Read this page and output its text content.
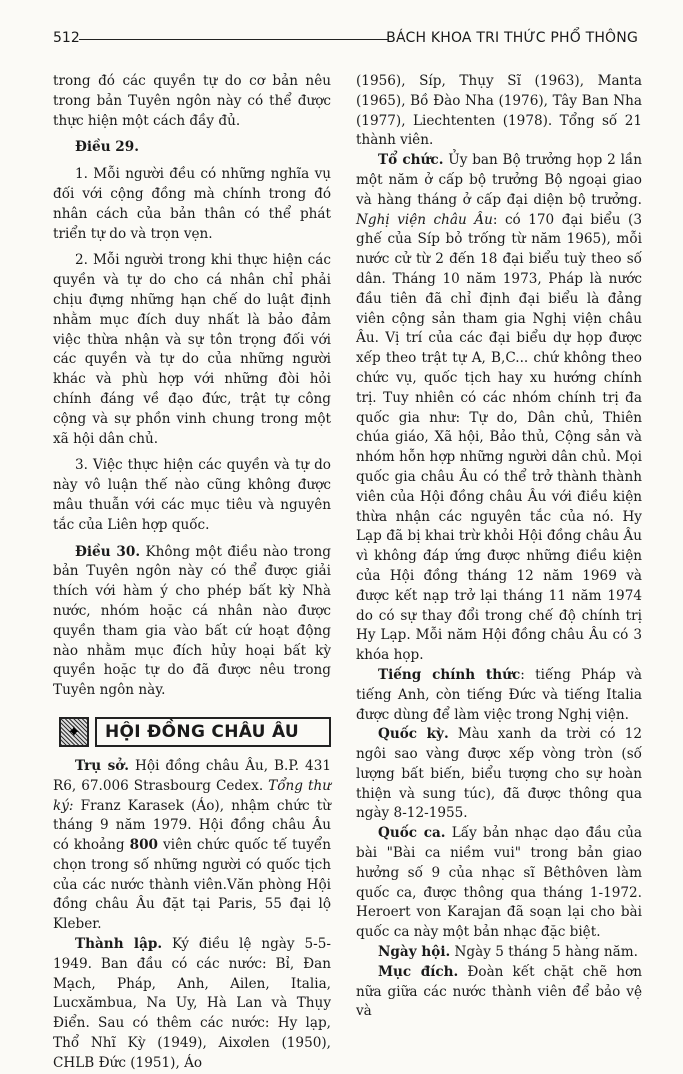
512	BÁCH KHOA TRI THỨC PHỔ THÔNG

trong đó các quyền tự do cơ bản nêu trong bản Tuyên ngôn này có thể được thực hiện một cách đầy đủ.

Điều 29.

1. Mỗi người đều có những nghĩa vụ đối với cộng đồng mà chính trong đó nhân cách của bản thân có thể phát triển tự do và trọn vẹn.

2. Mỗi người trong khi thực hiện các quyền và tự do cho cá nhân chỉ phải chịu đựng những hạn chế do luật định nhằm mục đích duy nhất là bảo đảm việc thừa nhận và sự tôn trọng đối với các quyền và tự do của những người khác và phù hợp với những đòi hỏi chính đáng về đạo đức, trật tự công cộng và sự phồn vinh chung trong một xã hội dân chủ.

3. Việc thực hiện các quyền và tự do này vô luận thế nào cũng không được mâu thuẫn với các mục tiêu và nguyên tắc của Liên hợp quốc.

Điều 30. Không một điều nào trong bản Tuyên ngôn này có thể được giải thích với hàm ý cho phép bất kỳ Nhà nước, nhóm hoặc cá nhân nào được quyền tham gia vào bất cứ hoạt động nào nhằm mục đích hủy hoại bất kỳ quyền hoặc tự do đã được nêu trong Tuyên ngôn này.

✦	HỘI ĐỒNG CHÂU ÂU

Trụ sở. Hội đồng châu Âu, B.P. 431 R6, 67.006 Strasbourg Cedex. Tổng thư ký: Franz Karasek (Áo), nhậm chức từ tháng 9 năm 1979. Hội đồng châu Âu có khoảng 800 viên chức quốc tế tuyển chọn trong số những người có quốc tịch của các nước thành viên.Văn phòng Hội đồng châu Âu đặt tại Paris, 55 đại lộ Kleber.

Thành lập. Ký điều lệ ngày 5-5-1949. Ban đầu có các nước: Bỉ, Đan Mạch, Pháp, Anh, Ailen, Italia, Lucxămbua, Na Uy, Hà Lan và Thụy Điển. Sau có thêm các nước: Hy lạp, Thổ Nhĩ Kỳ (1949), Aixơlen (1950), CHLB Đức (1951), Áo

(1956), Síp, Thụy Sĩ (1963), Manta (1965), Bồ Đào Nha (1976), Tây Ban Nha (1977), Liechtenten (1978). Tổng số 21 thành viên.

Tổ chức. Ủy ban Bộ trưởng họp 2 lần một năm ở cấp bộ trưởng Bộ ngoại giao và hàng tháng ở cấp đại diện bộ trưởng. Nghị viện châu Âu: có 170 đại biểu (3 ghế của Síp bỏ trống từ năm 1965), mỗi nước cử từ 2 đến 18 đại biểu tuỳ theo số dân. Tháng 10 năm 1973, Pháp là nước đầu tiên đã chỉ định đại biểu là đảng viên cộng sản tham gia Nghị viện châu Âu. Vị trí của các đại biểu dự họp được xếp theo trật tự A, B,C... chứ không theo chức vụ, quốc tịch hay xu hướng chính trị. Tuy nhiên có các nhóm chính trị đa quốc gia như: Tự do, Dân chủ, Thiên chúa giáo, Xã hội, Bảo thủ, Cộng sản và nhóm hỗn hợp những người dân chủ. Mọi quốc gia châu Âu có thể trở thành thành viên của Hội đồng châu Âu với điều kiện thừa nhận các nguyên tắc của nó. Hy Lạp đã bị khai trừ khỏi Hội đồng châu Âu vì không đáp ứng được những điều kiện của Hội đồng tháng 12 năm 1969 và được kết nạp trở lại tháng 11 năm 1974 do có sự thay đổi trong chế độ chính trị Hy Lạp. Mỗi năm Hội đồng châu Âu có 3 khóa họp.

Tiếng chính thức: tiếng Pháp và tiếng Anh, còn tiếng Đức và tiếng Italia được dùng để làm việc trong Nghị viện.

Quốc kỳ. Màu xanh da trời có 12 ngôi sao vàng được xếp vòng tròn (số lượng bất biến, biểu tượng cho sự hoàn thiện và sung túc), đã được thông qua ngày 8-12-1955.

Quốc ca. Lấy bản nhạc dạo đầu của bài "Bài ca niềm vui" trong bản giao hưởng số 9 của nhạc sĩ Bêthôven làm quốc ca, được thông qua tháng 1-1972. Heroert von Karajan đã soạn lại cho bài quốc ca này một bản nhạc đặc biệt.

Ngày hội. Ngày 5 tháng 5 hàng năm.

Mục đích. Đoàn kết chặt chẽ hơn nữa giữa các nước thành viên để bảo vệ và
